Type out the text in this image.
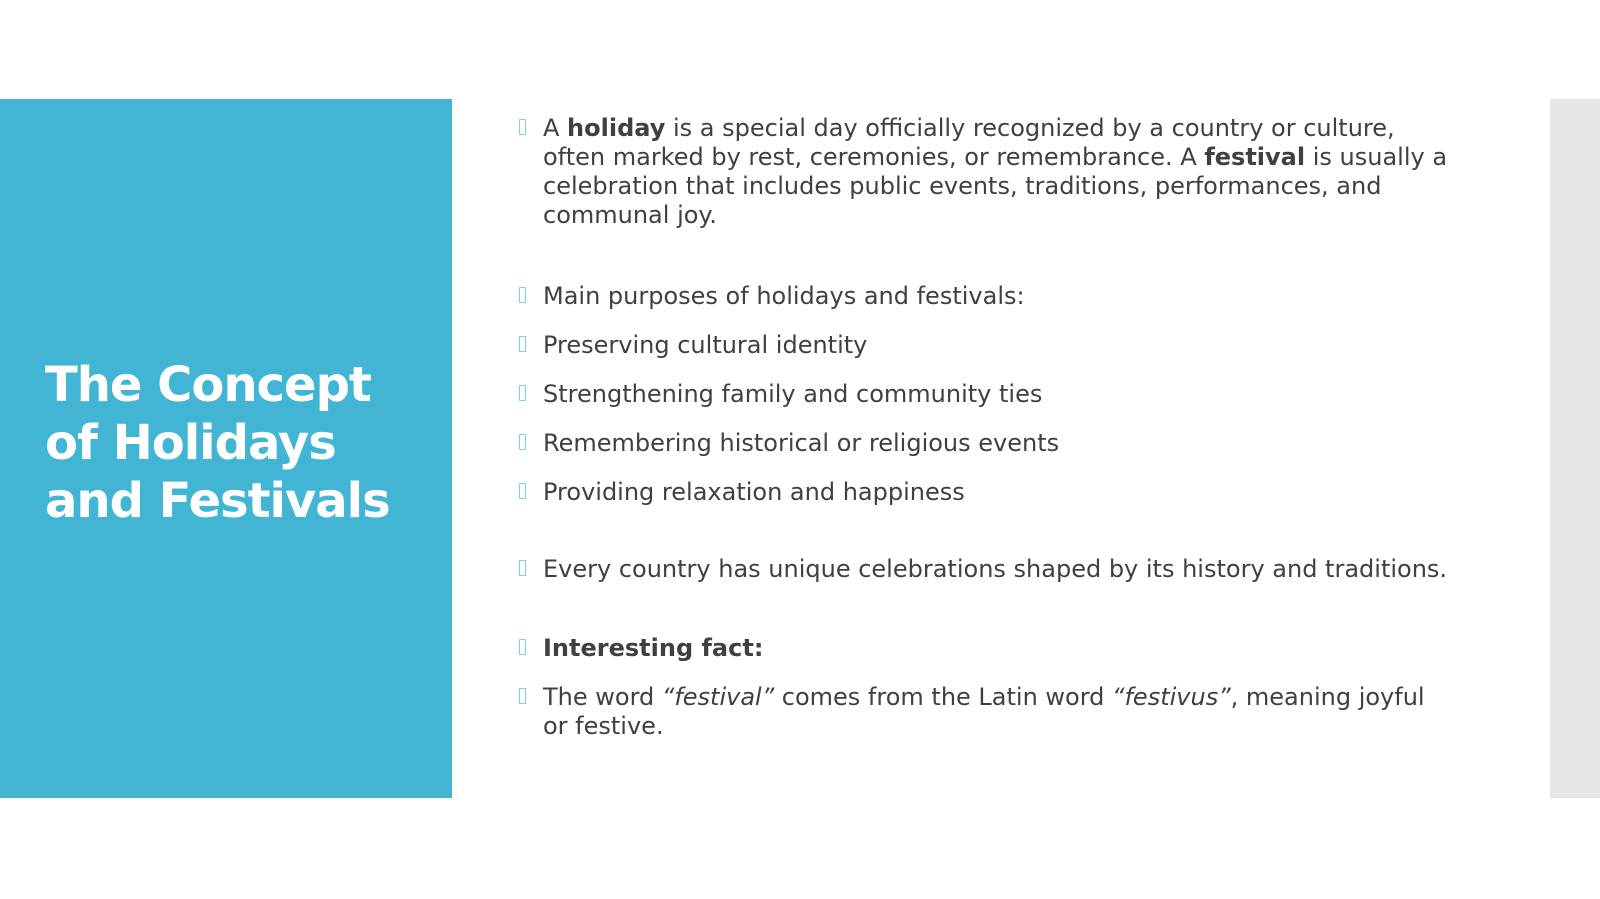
The Concept of Holidays and Festivals
A holiday is a special day officially recognized by a country or culture, often marked by rest, ceremonies, or remembrance. A festival is usually a celebration that includes public events, traditions, performances, and communal joy.
Main purposes of holidays and festivals:
Preserving cultural identity
Strengthening family and community ties
Remembering historical or religious events
Providing relaxation and happiness
Every country has unique celebrations shaped by its history and traditions.
Interesting fact:
The word “festival” comes from the Latin word “festivus”, meaning joyful or festive.
